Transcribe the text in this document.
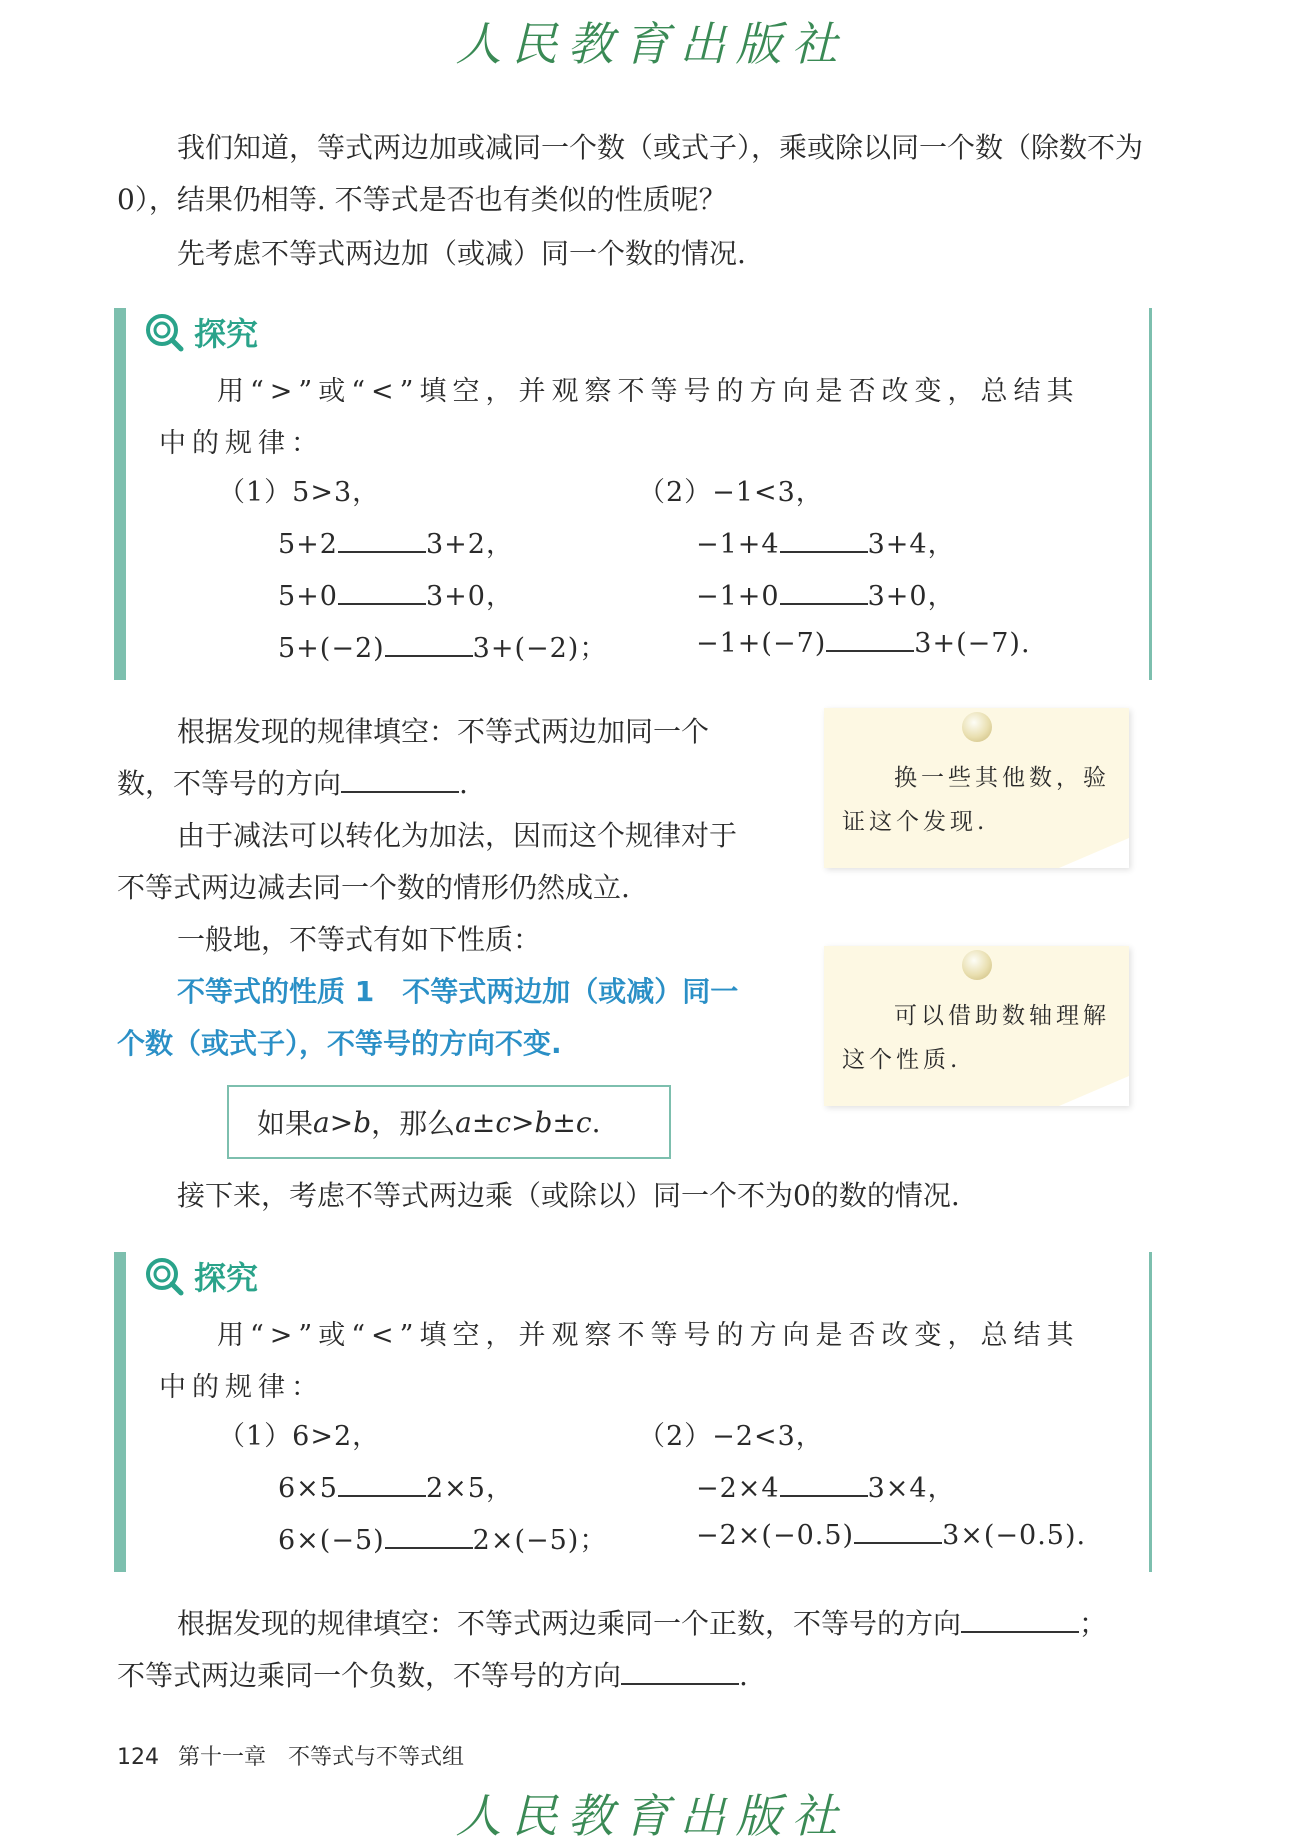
人民教育出版社
我们知道，等式两边加或减同一个数（或式子），乘或除以同一个数（除数不为0），结果仍相等. 不等式是否也有类似的性质呢？
先考虑不等式两边加（或减）同一个数的情况.
探究
用“>”或“<”填空，并观察不等号的方向是否改变，总结其中的规律：
（1）5>3，
5+2	3+2，
5+0	3+0，
5+(−2)	3+(−2)；
（2）−1<3，
−1+4	3+4，
−1+0	3+0，
−1+(−7)	3+(−7).
根据发现的规律填空：不等式两边加同一个
数，不等号的方向	.
由于减法可以转化为加法，因而这个规律对于
不等式两边减去同一个数的情形仍然成立.
一般地，不等式有如下性质：
不等式的性质 1　不等式两边加（或减）同一
个数（或式子），不等号的方向不变.
换一些其他数，验证这个发现.
可以借助数轴理解这个性质.
如果 a > b ，那么 a ± c > b ± c .
接下来，考虑不等式两边乘（或除以）同一个不为0的数的情况.
探究
用“>”或“<”填空，并观察不等号的方向是否改变，总结其中的规律：
（1）6>2，
6×5	2×5，
6×(−5)	2×(−5)；
（2）−2<3，
−2×4	3×4，
−2×(−0.5)	3×(−0.5).
根据发现的规律填空：不等式两边乘同一个正数，不等号的方向	；
不等式两边乘同一个负数，不等号的方向	.
124 第十一章　不等式与不等式组
人民教育出版社
